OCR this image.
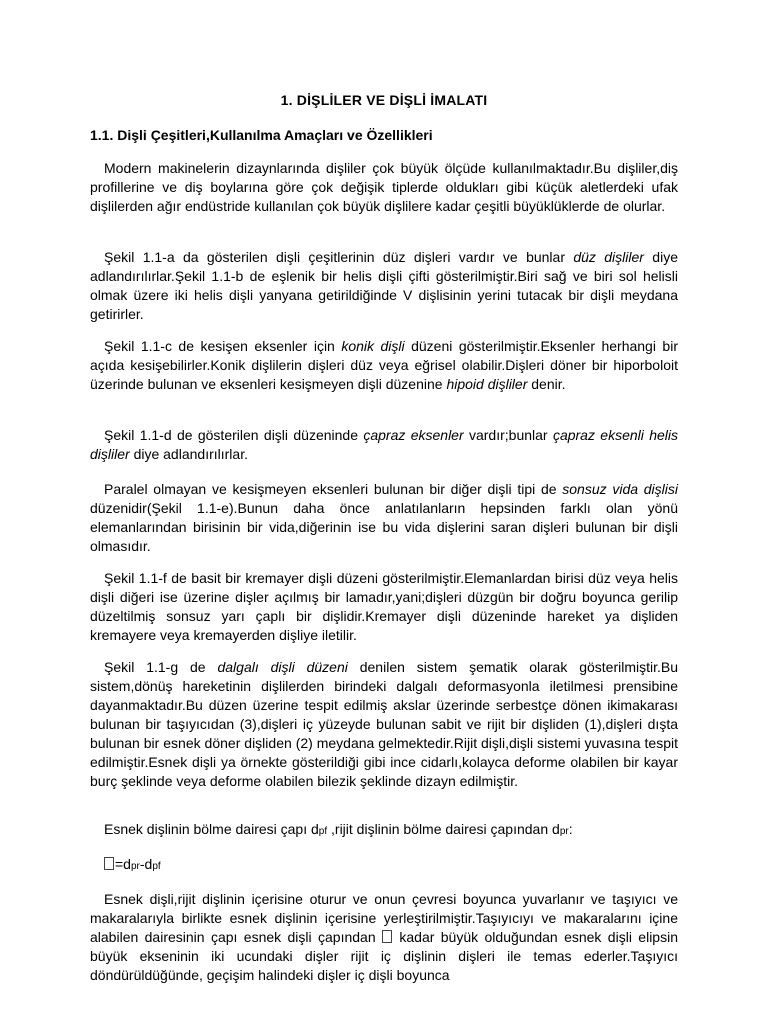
1. DİŞLİLER VE DİŞLİ İMALATI
1.1. Dişli Çeşitleri,Kullanılma Amaçları ve Özellikleri

Modern makinelerin dizaynlarında dişliler çok büyük ölçüde kullanılmaktadır.Bu dişliler,diş profillerine ve diş boylarına göre çok değişik tiplerde oldukları gibi küçük aletlerdeki ufak dişlilerden ağır endüstride kullanılan çok büyük dişlilere kadar çeşitli büyüklüklerde de olurlar.

Şekil 1.1-a da gösterilen dişli çeşitlerinin düz dişleri vardır ve bunlar düz dişliler diye adlandırılırlar.Şekil 1.1-b de eşlenik bir helis dişli çifti gösterilmiştir.Biri sağ ve biri sol helisli olmak üzere iki helis dişli yanyana getirildiğinde V dişlisinin yerini tutacak bir dişli meydana getirirler.

Şekil 1.1-c de kesişen eksenler için konik dişli düzeni gösterilmiştir.Eksenler herhangi bir açıda kesişebilirler.Konik dişlilerin dişleri düz veya eğrisel olabilir.Dişleri döner bir hiporboloit üzerinde bulunan ve eksenleri kesişmeyen dişli düzenine hipoid dişliler denir.

Şekil 1.1-d de gösterilen dişli düzeninde çapraz eksenler vardır;bunlar çapraz eksenli helis dişliler diye adlandırılırlar.

Paralel olmayan ve kesişmeyen eksenleri bulunan bir diğer dişli tipi de sonsuz vida dişlisi düzenidir(Şekil 1.1-e).Bunun daha önce anlatılanların hepsinden farklı olan yönü elemanlarından birisinin bir vida,diğerinin ise bu vida dişlerini saran dişleri bulunan bir dişli olmasıdır.

Şekil 1.1-f de basit bir kremayer dişli düzeni gösterilmiştir.Elemanlardan birisi düz veya helis dişli diğeri ise üzerine dişler açılmış bir lamadır,yani;dişleri düzgün bir doğru boyunca gerilip düzeltilmiş sonsuz yarı çaplı bir dişlidir.Kremayer dişli düzeninde hareket ya dişliden kremayere veya kremayerden dişliye iletilir.

Şekil 1.1-g de dalgalı dişli düzeni denilen sistem şematik olarak gösterilmiştir.Bu sistem,dönüş hareketinin dişlilerden birindeki dalgalı deformasyonla iletilmesi prensibine dayanmaktadır.Bu düzen üzerine tespit edilmiş akslar üzerinde serbestçe dönen ikimakarası bulunan bir taşıyıcıdan (3),dişleri iç yüzeyde bulunan sabit ve rijit bir dişliden (1),dişleri dışta bulunan bir esnek döner dişliden (2) meydana gelmektedir.Rijit dişli,dişli sistemi yuvasına tespit edilmiştir.Esnek dişli ya örnekte gösterildiği gibi ince cidarlı,kolayca deforme olabilen bir kayar burç şeklinde veya deforme olabilen bilezik şeklinde dizayn edilmiştir.

Esnek dişlinin bölme dairesi çapı dpf ,rijit dişlinin bölme dairesi çapından dpr:

=dpr-dpf

Esnek dişli,rijit dişlinin içerisine oturur ve onun çevresi boyunca yuvarlanır ve taşıyıcı ve makaralarıyla birlikte esnek dişlinin içerisine yerleştirilmiştir.Taşıyıcıyı ve makaralarını içine alabilen dairesinin çapı esnek dişli çapından  kadar büyük olduğundan esnek dişli elipsin büyük ekseninin iki ucundaki dişler rijit iç dişlinin dişleri ile temas ederler.Taşıyıcı döndürüldüğünde, geçişim halindeki dişler iç dişli boyunca
